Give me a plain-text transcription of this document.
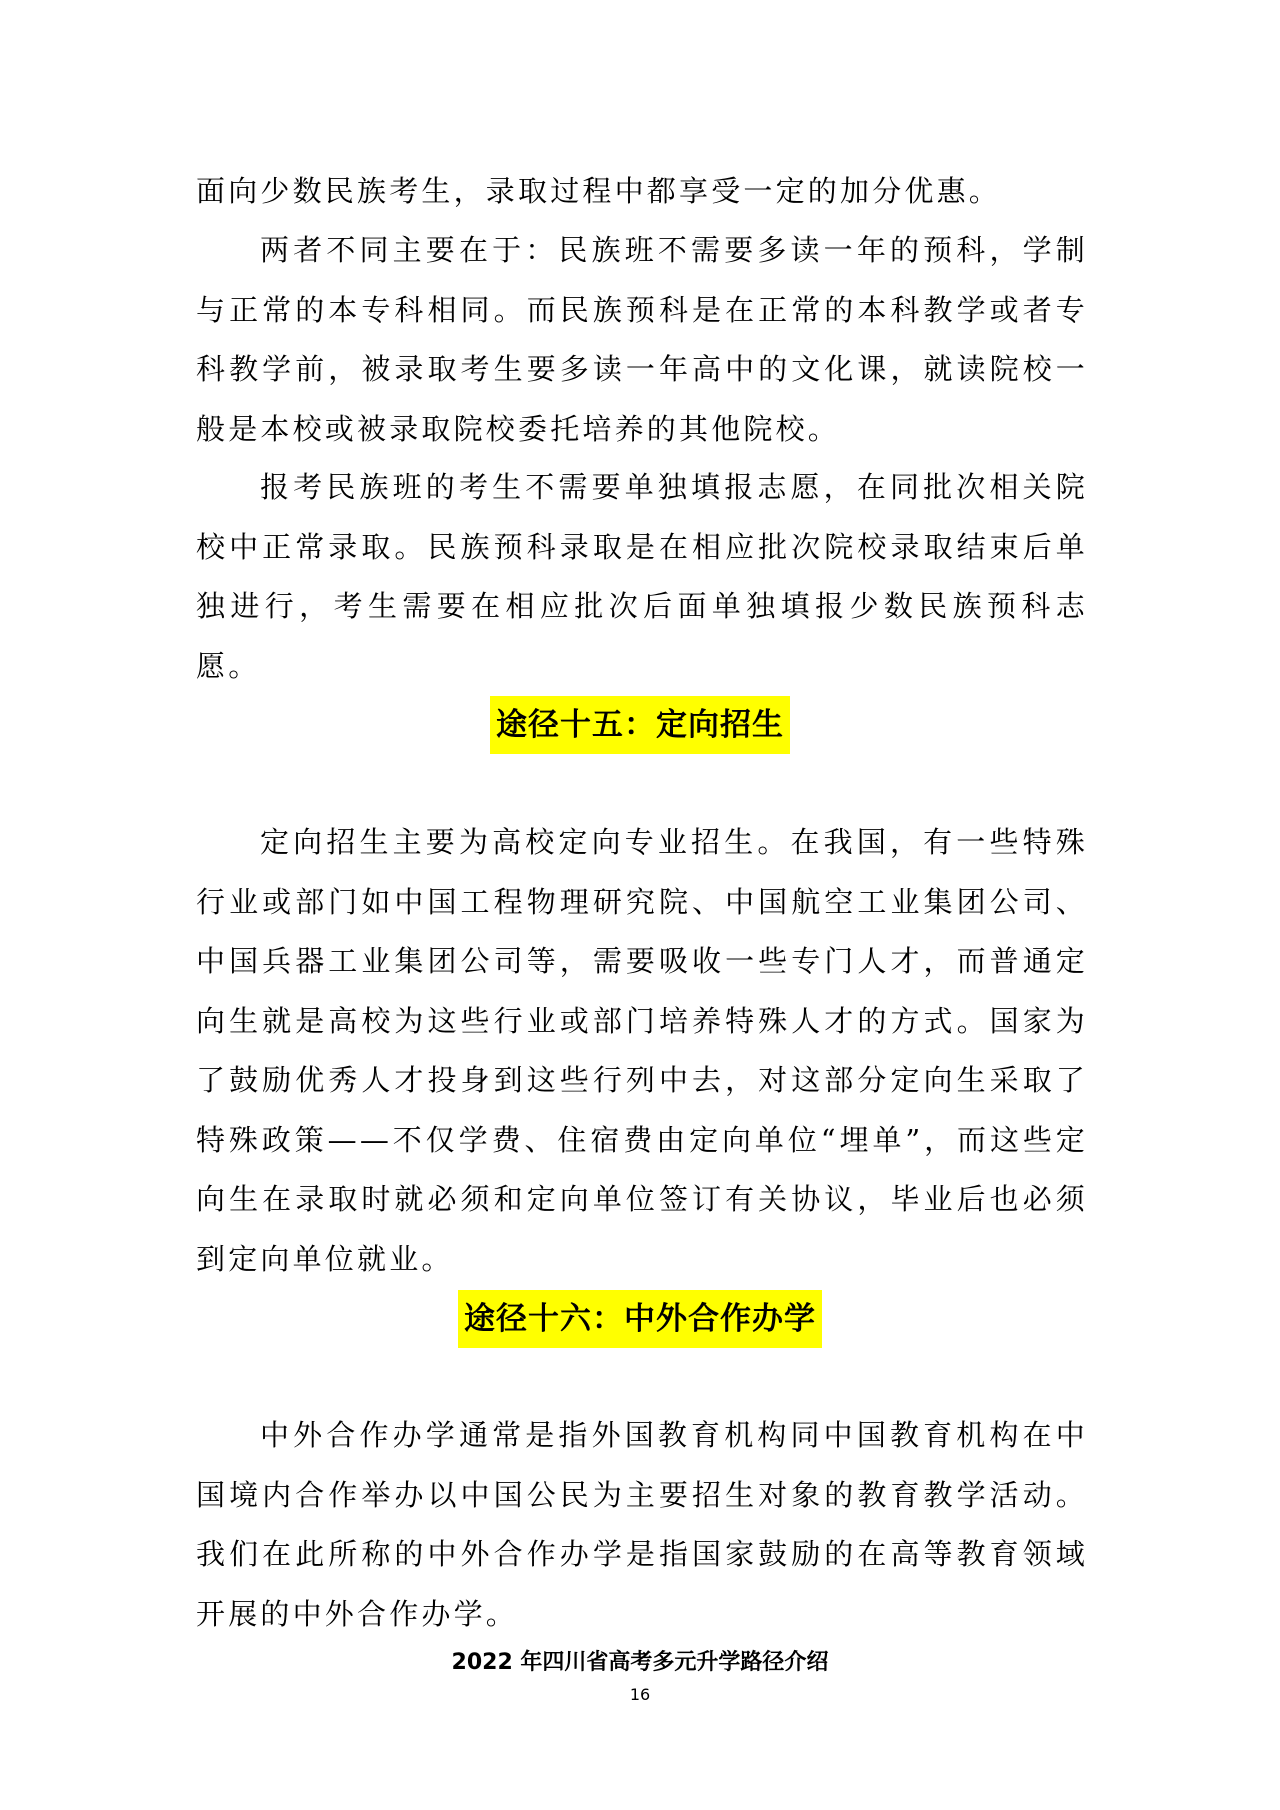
面向少数民族考生，录取过程中都享受一定的加分优惠。

两者不同主要在于：民族班不需要多读一年的预科，学制与正常的本专科相同。而民族预科是在正常的本科教学或者专科教学前，被录取考生要多读一年高中的文化课，就读院校一般是本校或被录取院校委托培养的其他院校。

报考民族班的考生不需要单独填报志愿，在同批次相关院校中正常录取。民族预科录取是在相应批次院校录取结束后单独进行，考生需要在相应批次后面单独填报少数民族预科志愿。

途径十五：定向招生

定向招生主要为高校定向专业招生。在我国，有一些特殊行业或部门如中国工程物理研究院、中国航空工业集团公司、中国兵器工业集团公司等，需要吸收一些专门人才，而普通定向生就是高校为这些行业或部门培养特殊人才的方式。国家为了鼓励优秀人才投身到这些行列中去，对这部分定向生采取了特殊政策——不仅学费、住宿费由定向单位“埋单”，而这些定向生在录取时就必须和定向单位签订有关协议，毕业后也必须到定向单位就业。

途径十六：中外合作办学

中外合作办学通常是指外国教育机构同中国教育机构在中国境内合作举办以中国公民为主要招生对象的教育教学活动。我们在此所称的中外合作办学是指国家鼓励的在高等教育领域开展的中外合作办学。

2022 年四川省高考多元升学路径介绍
16
